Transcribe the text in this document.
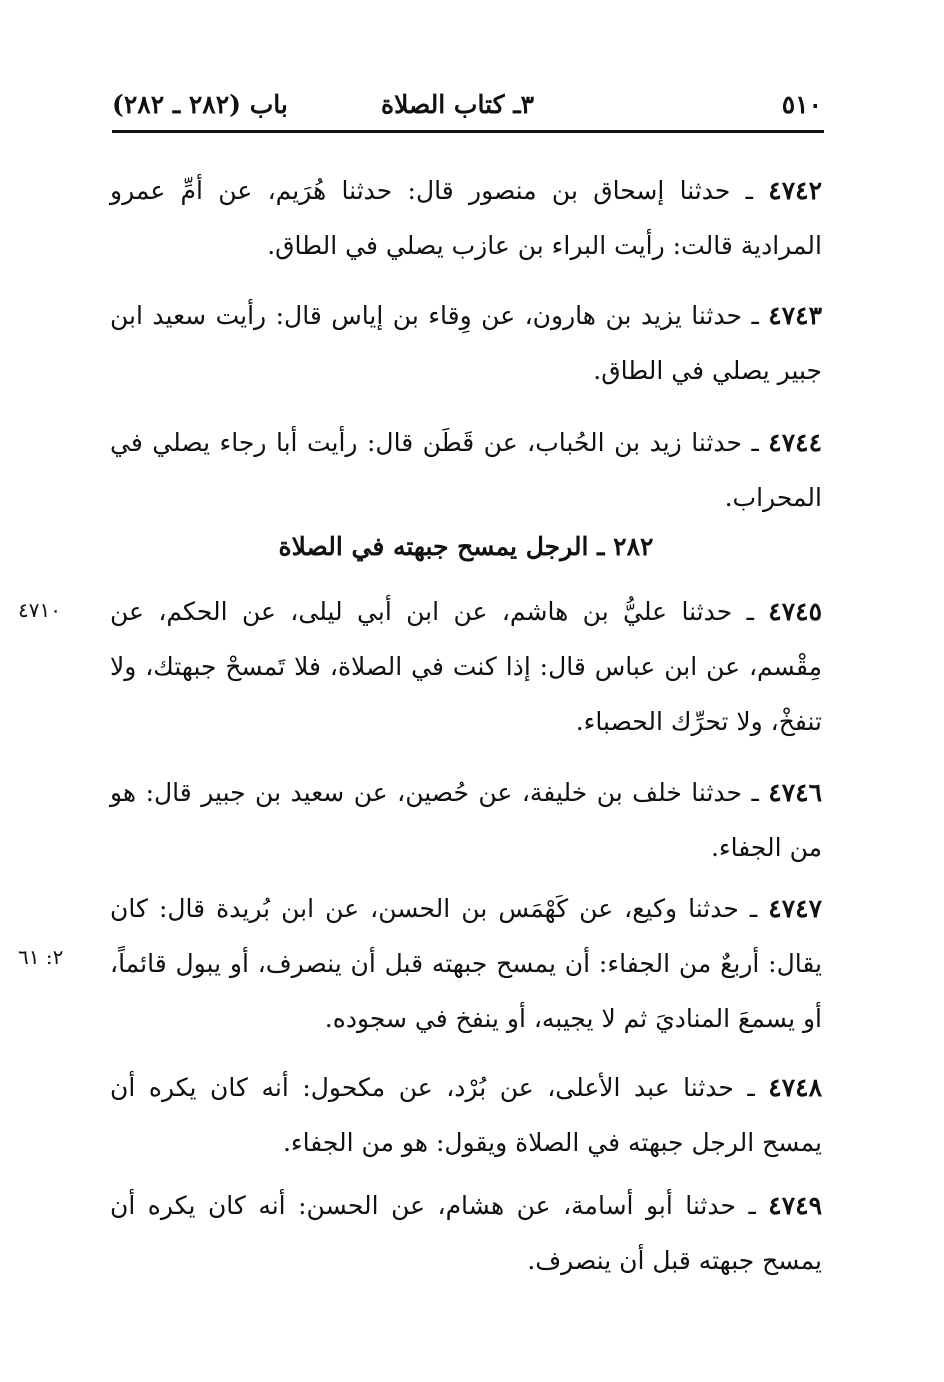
٥١٠
٣ـ كتاب الصلاة
باب (٢٨٢ ـ ٢٨٢)

٤٧٤٢ ـ حدثنا إسحاق بن منصور قال: حدثنا هُرَيم، عن أمِّ عمرو المرادية قالت: رأيت البراء بن عازب يصلي في الطاق.

٤٧٤٣ ـ حدثنا يزيد بن هارون، عن وِقاء بن إياس قال: رأيت سعيد ابن جبير يصلي في الطاق.

٤٧٤٤ ـ حدثنا زيد بن الحُباب، عن قَطَن قال: رأيت أبا رجاء يصلي في المحراب.

٢٨٢ ـ الرجل يمسح جبهته في الصلاة

٤٧٤٥ ـ حدثنا عليُّ بن هاشم، عن ابن أبي ليلى، عن الحكم، عن مِقْسم، عن ابن عباس قال: إذا كنت في الصلاة، فلا تَمسحْ جبهتك، ولا تنفخْ، ولا تحرِّك الحصباء.

٤٧١٠

٤٧٤٦ ـ حدثنا خلف بن خليفة، عن حُصين، عن سعيد بن جبير قال: هو من الجفاء.

٤٧٤٧ ـ حدثنا وكيع، عن كَهْمَس بن الحسن، عن ابن بُريدة قال: كان يقال: أربعٌ من الجفاء: أن يمسح جبهته قبل أن ينصرف، أو يبول قائماً، أو يسمعَ المناديَ ثم لا يجيبه، أو ينفخ في سجوده.

٢: ٦١

٤٧٤٨ ـ حدثنا عبد الأعلى، عن بُرْد، عن مكحول: أنه كان يكره أن يمسح الرجل جبهته في الصلاة ويقول: هو من الجفاء.

٤٧٤٩ ـ حدثنا أبو أسامة، عن هشام، عن الحسن: أنه كان يكره أن يمسح جبهته قبل أن ينصرف.
